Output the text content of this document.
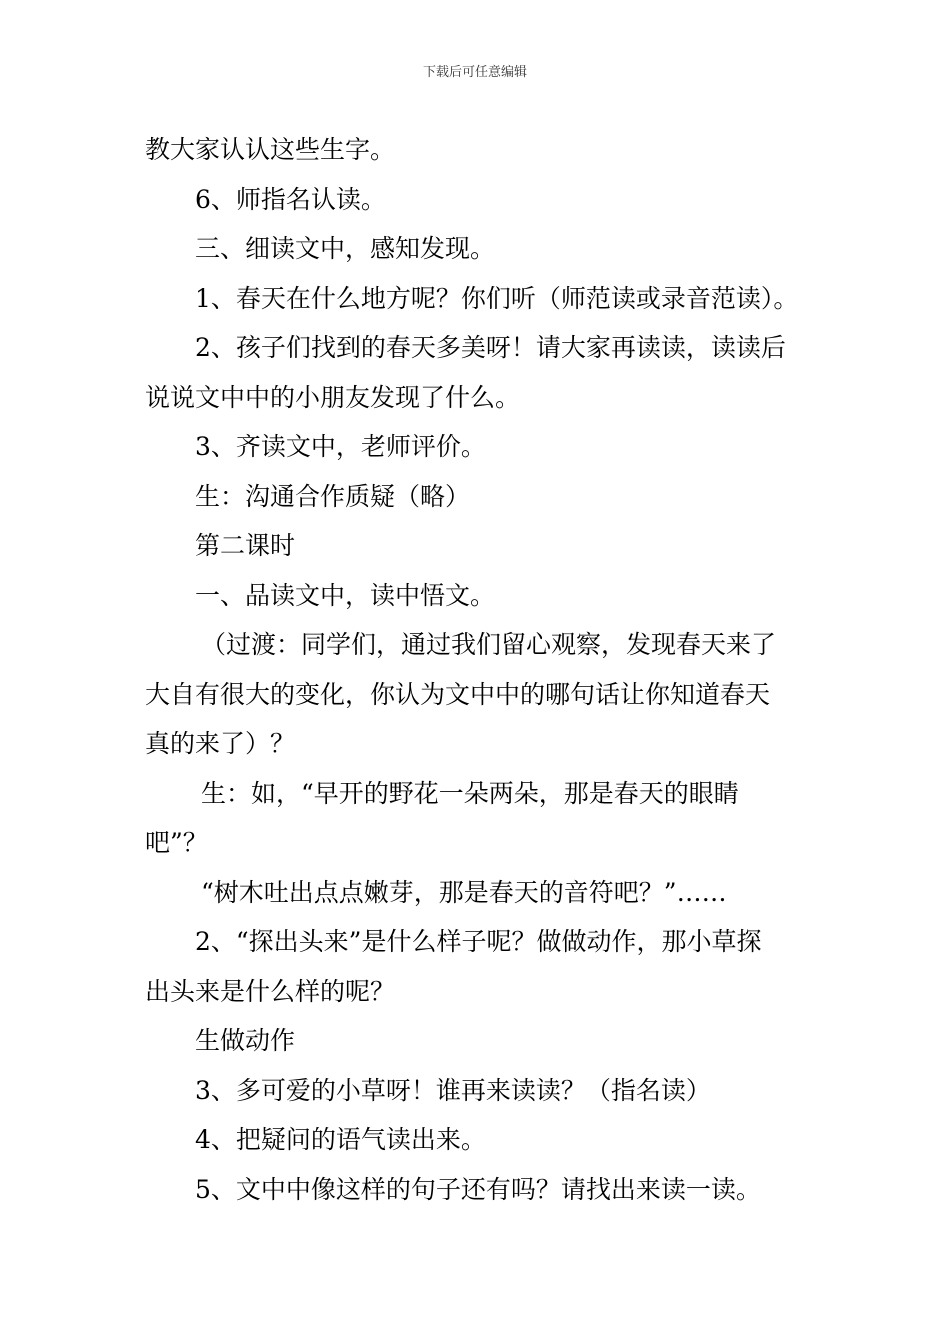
下载后可任意编辑

教大家认认这些生字。

6、师指名认读。

三、细读文中，感知发现。

1、春天在什么地方呢？你们听（师范读或录音范读）。

2、孩子们找到的春天多美呀！请大家再读读，读读后

说说文中中的小朋友发现了什么。

3、齐读文中，老师评价。

生：沟通合作质疑（略）

第二课时

一、品读文中，读中悟文。

（过渡：同学们，通过我们留心观察，发现春天来了

大自有很大的变化，你认为文中中的哪句话让你知道春天

真的来了）？

生：如，“早开的野花一朵两朵，那是春天的眼睛

吧”？

“树木吐出点点嫩芽，那是春天的音符吧？”……

2、“探出头来”是什么样子呢？做做动作，那小草探

出头来是什么样的呢？

生做动作

3、多可爱的小草呀！谁再来读读？（指名读）

4、把疑问的语气读出来。

5、文中中像这样的句子还有吗？请找出来读一读。
